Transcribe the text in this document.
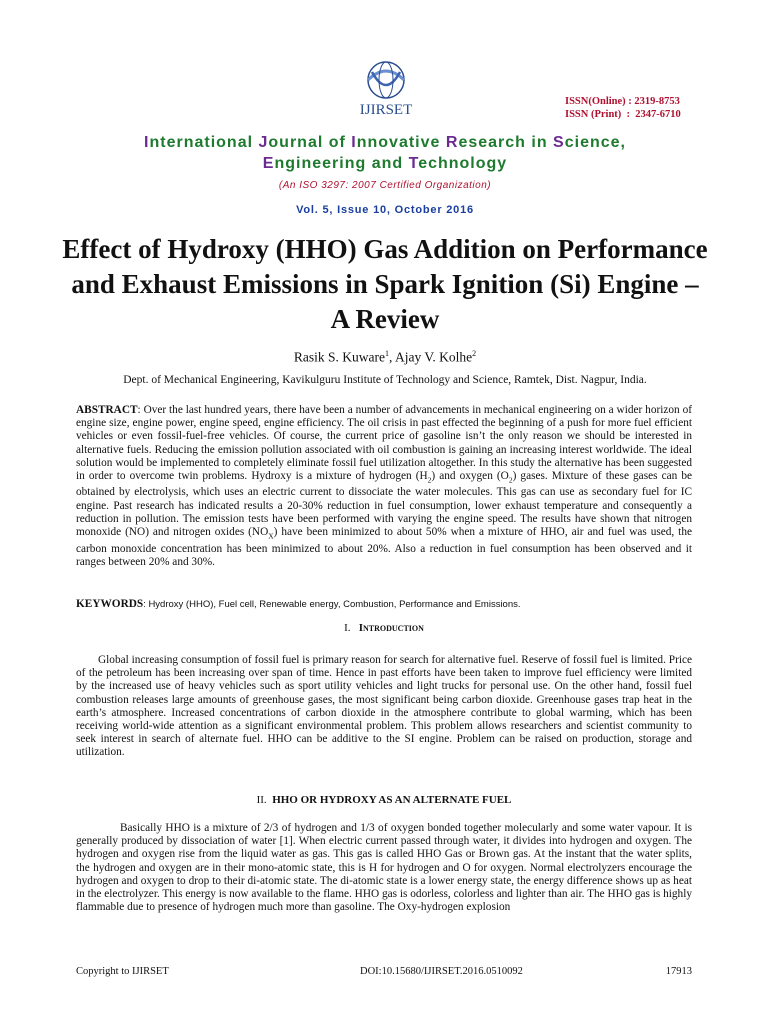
IJIRSET
ISSN(Online) : 2319-8753
ISSN (Print)  :  2347-6710
International Journal of Innovative Research in Science,
Engineering and Technology
(An ISO 3297: 2007 Certified Organization)
Vol. 5, Issue 10, October 2016
Effect of Hydroxy (HHO) Gas Addition on Performance and Exhaust Emissions in Spark Ignition (Si) Engine – A Review
Rasik S. Kuware$^1$, Ajay V. Kolhe$^2$
Dept. of Mechanical Engineering, Kavikulguru Institute of Technology and Science, Ramtek, Dist. Nagpur, India.
ABSTRACT: Over the last hundred years, there have been a number of advancements in mechanical engineering on a wider horizon of engine size, engine power, engine speed, engine efficiency. The oil crisis in past effected the beginning of a push for more fuel efficient vehicles or even fossil-fuel-free vehicles. Of course, the current price of gasoline isn’t the only reason we should be interested in alternative fuels. Reducing the emission pollution associated with oil combustion is gaining an increasing interest worldwide. The ideal solution would be implemented to completely eliminate fossil fuel utilization altogether. In this study the alternative has been suggested in order to overcome twin problems. Hydroxy is a mixture of hydrogen $(H_2)$ and oxygen $(O_2)$ gases. Mixture of these gases can be obtained by electrolysis, which uses an electric current to dissociate the water molecules. This gas can use as secondary fuel for IC engine. Past research has indicated results a 20-30% reduction in fuel consumption, lower exhaust temperature and consequently a reduction in pollution. The emission tests have been performed with varying the engine speed. The results have shown that nitrogen monoxide (NO) and nitrogen oxides $(NO_X)$ have been minimized to about 50% when a mixture of HHO, air and fuel was used, the carbon monoxide concentration has been minimized to about 20%. Also a reduction in fuel consumption has been observed and it ranges between 20% and 30%.
KEYWORDS: Hydroxy (HHO), Fuel cell, Renewable energy, Combustion, Performance and Emissions.
I. Introduction
Global increasing consumption of fossil fuel is primary reason for search for alternative fuel. Reserve of fossil fuel is limited. Price of the petroleum has been increasing over span of time. Hence in past efforts have been taken to improve fuel efficiency were limited by the increased use of heavy vehicles such as sport utility vehicles and light trucks for personal use. On the other hand, fossil fuel combustion releases large amounts of greenhouse gases, the most significant being carbon dioxide. Greenhouse gases trap heat in the earth’s atmosphere. Increased concentrations of carbon dioxide in the atmosphere contribute to global warming, which has been receiving world-wide attention as a significant environmental problem. This problem allows researchers and scientist community to seek interest in search of alternate fuel. HHO can be additive to the SI engine. Problem can be raised on production, storage and utilization.
II. HHO OR HYDROXY AS AN ALTERNATE FUEL
Basically HHO is a mixture of 2/3 of hydrogen and 1/3 of oxygen bonded together molecularly and some water vapour. It is generally produced by dissociation of water [1]. When electric current passed through water, it divides into hydrogen and oxygen. The hydrogen and oxygen rise from the liquid water as gas. This gas is called HHO Gas or Brown gas. At the instant that the water splits, the hydrogen and oxygen are in their mono-atomic state, this is H for hydrogen and O for oxygen. Normal electrolyzers encourage the hydrogen and oxygen to drop to their di-atomic state. The di-atomic state is a lower energy state, the energy difference shows up as heat in the electrolyzer. This energy is now available to the flame. HHO gas is odorless, colorless and lighter than air. The HHO gas is highly flammable due to presence of hydrogen much more than gasoline. The Oxy-hydrogen explosion
Copyright to IJIRSET	DOI:10.15680/IJIRSET.2016.0510092	17913
